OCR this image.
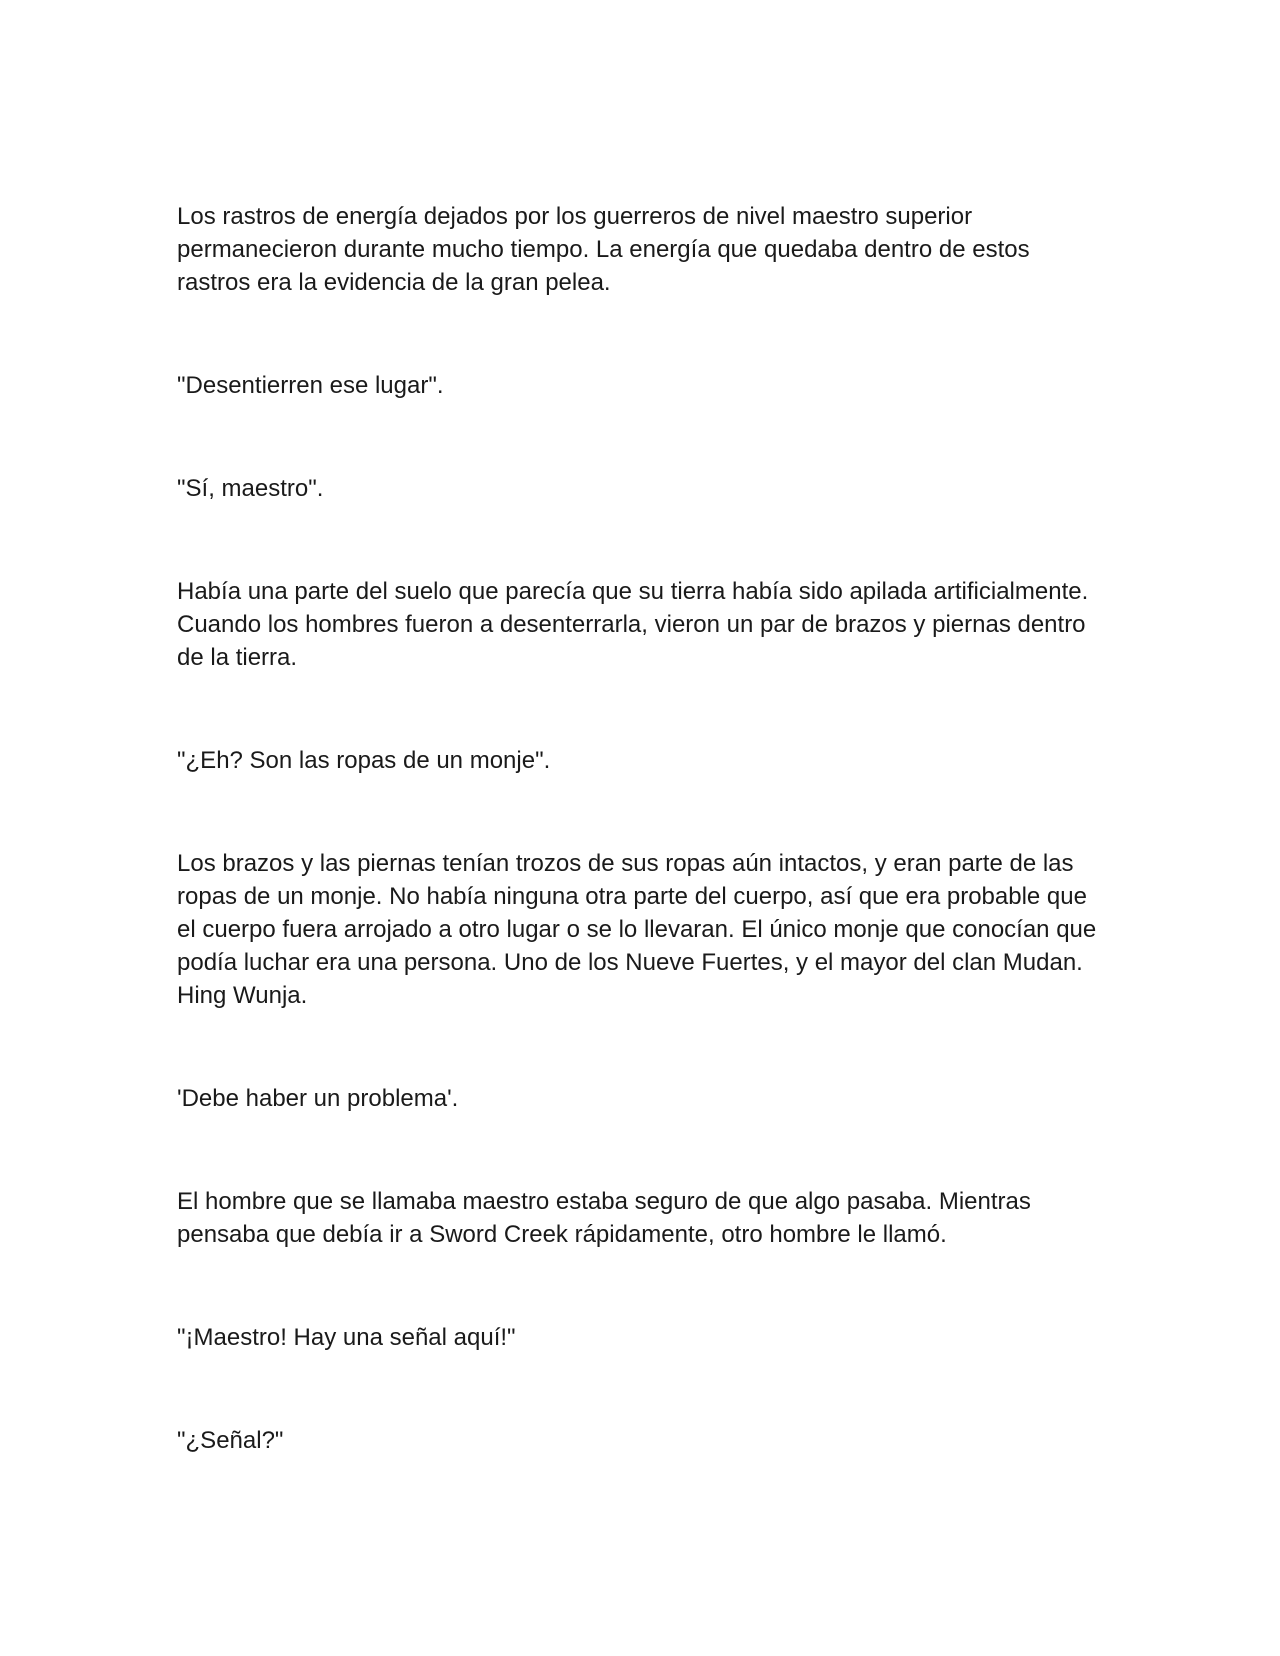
Los rastros de energía dejados por los guerreros de nivel maestro superior permanecieron durante mucho tiempo. La energía que quedaba dentro de estos rastros era la evidencia de la gran pelea.

"Desentierren ese lugar".

"Sí, maestro".

Había una parte del suelo que parecía que su tierra había sido apilada artificialmente. Cuando los hombres fueron a desenterrarla, vieron un par de brazos y piernas dentro de la tierra.

"¿Eh? Son las ropas de un monje".

Los brazos y las piernas tenían trozos de sus ropas aún intactos, y eran parte de las ropas de un monje. No había ninguna otra parte del cuerpo, así que era probable que el cuerpo fuera arrojado a otro lugar o se lo llevaran. El único monje que conocían que podía luchar era una persona. Uno de los Nueve Fuertes, y el mayor del clan Mudan. Hing Wunja.

'Debe haber un problema'.

El hombre que se llamaba maestro estaba seguro de que algo pasaba. Mientras pensaba que debía ir a Sword Creek rápidamente, otro hombre le llamó.

"¡Maestro! Hay una señal aquí!"

"¿Señal?"
